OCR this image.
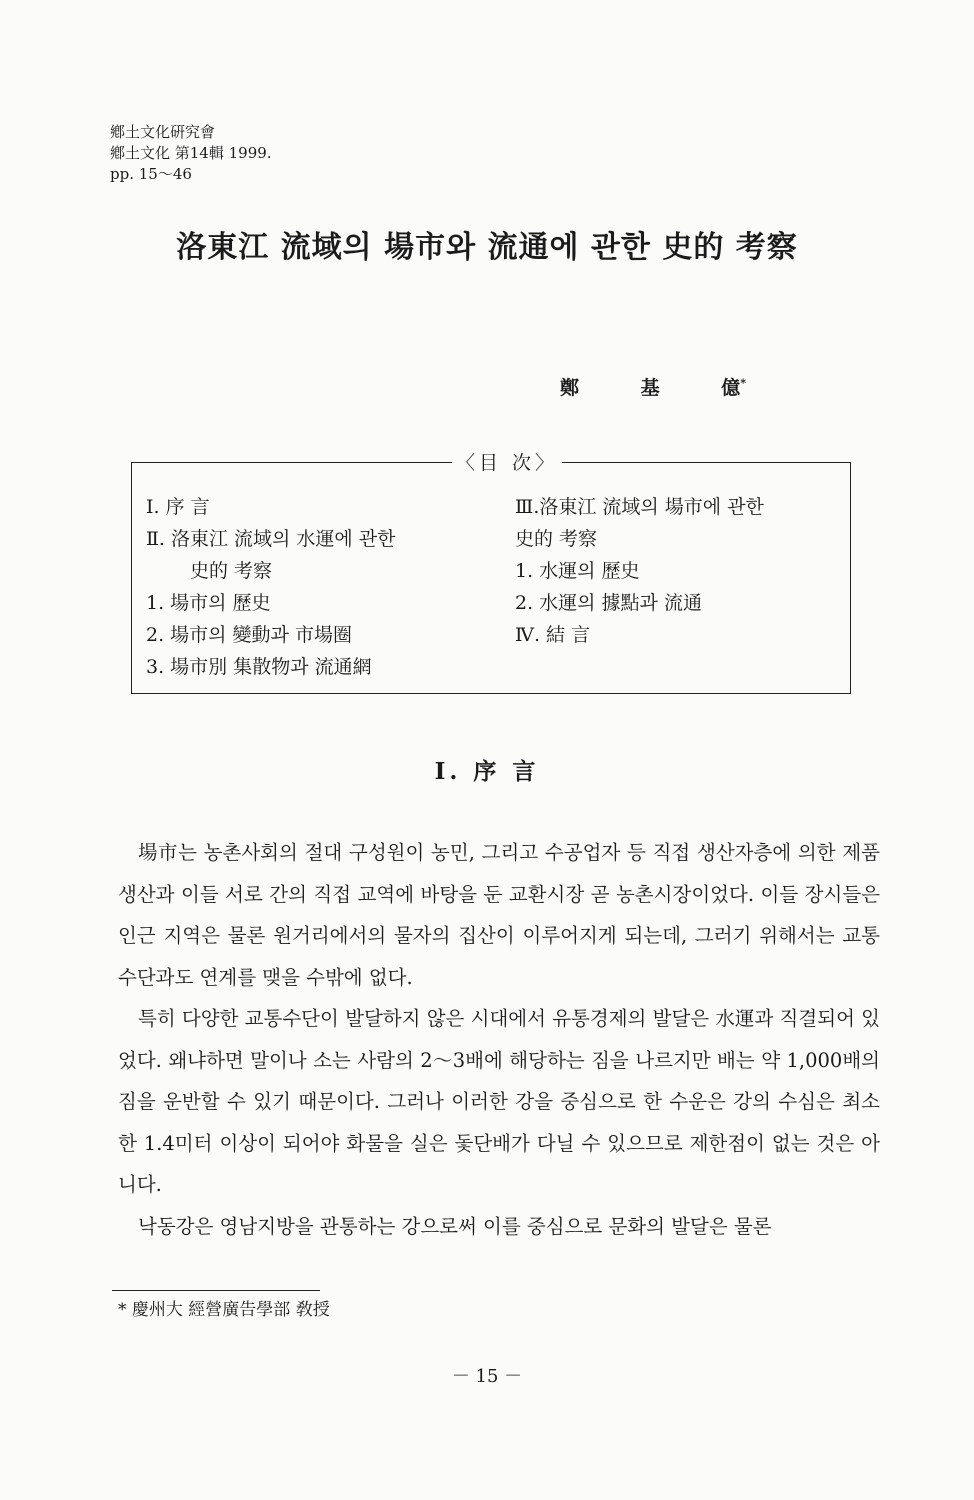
鄕土文化硏究會
鄕土文化 第14輯 1999.
pp. 15～46
洛東江 流域의 場市와 流通에 관한 史的 考察
鄭 基 億*
〈目 次〉
Ⅰ. 序 言
Ⅱ. 洛東江 流域의 水運에 관한
史的 考察
1. 場市의 歷史
2. 場市의 變動과 市場圈
3. 場市別 集散物과 流通網
Ⅲ.洛東江 流域의 場市에 관한
史的 考察
1. 水運의 歷史
2. 水運의 據點과 流通
Ⅳ. 結 言
Ⅰ. 序 言

場市는 농촌사회의 절대 구성원이 농민, 그리고 수공업자 등 직접 생산자층에 의한 제품생산과 이들 서로 간의 직접 교역에 바탕을 둔 교환시장 곧 농촌시장이었다. 이들 장시들은 인근 지역은 물론 원거리에서의 물자의 집산이 이루어지게 되는데, 그러기 위해서는 교통수단과도 연계를 맺을 수밖에 없다.

특히 다양한 교통수단이 발달하지 않은 시대에서 유통경제의 발달은 水運과 직결되어 있었다. 왜냐하면 말이나 소는 사람의 2～3배에 해당하는 짐을 나르지만 배는 약 1,000배의 짐을 운반할 수 있기 때문이다. 그러나 이러한 강을 중심으로 한 수운은 강의 수심은 최소한 1.4미터 이상이 되어야 화물을 실은 돛단배가 다닐 수 있으므로 제한점이 없는 것은 아니다.

낙동강은 영남지방을 관통하는 강으로써 이를 중심으로 문화의 발달은 물론

* 慶州大 經營廣告學部 敎授
－ 15 －
